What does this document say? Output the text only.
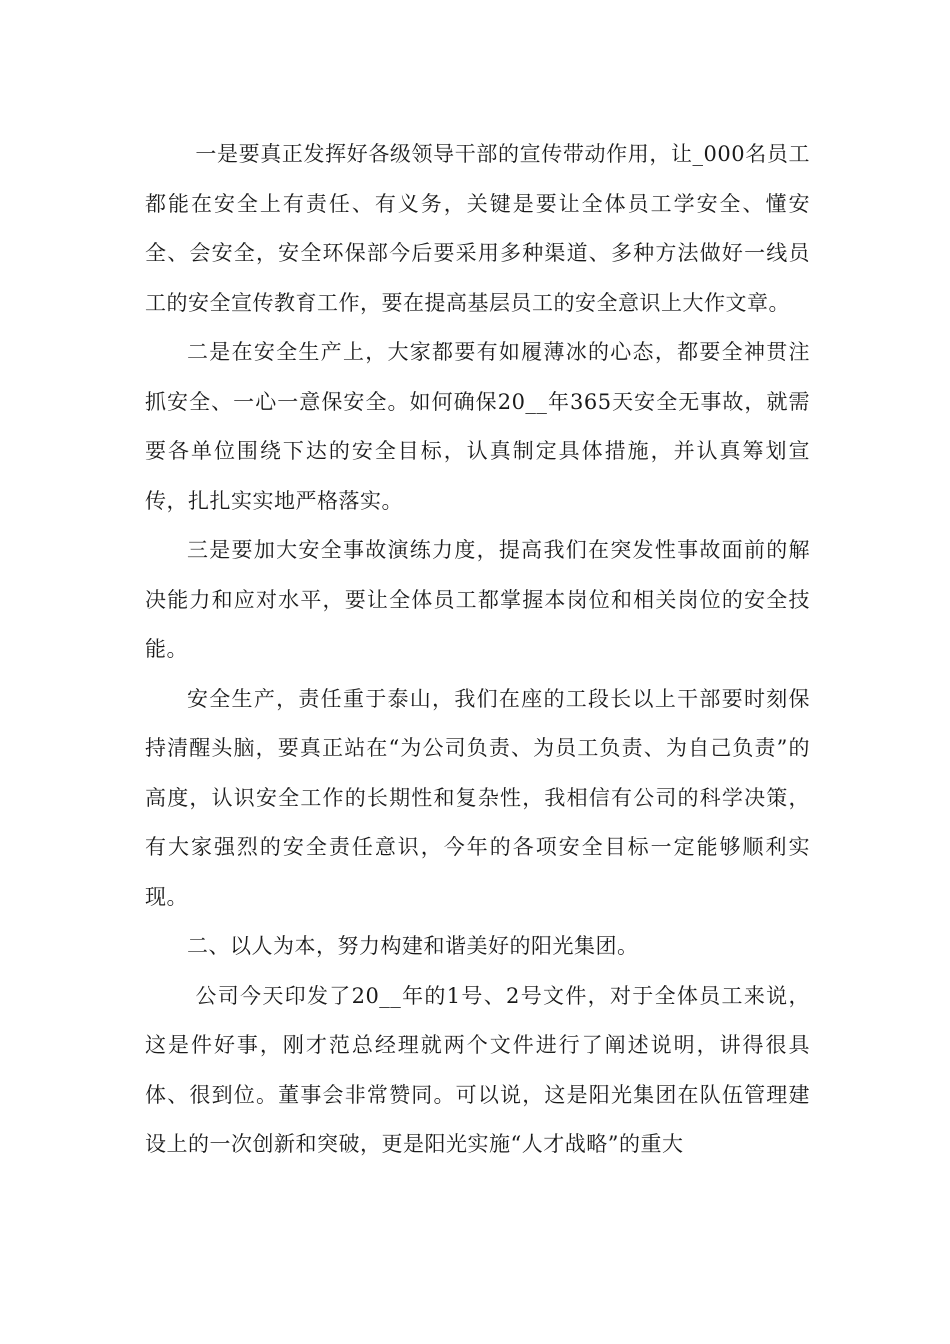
一是要真正发挥好各级领导干部的宣传带动作用，让_000名员工都能在安全上有责任、有义务，关键是要让全体员工学安全、懂安全、会安全，安全环保部今后要采用多种渠道、多种方法做好一线员工的安全宣传教育工作，要在提高基层员工的安全意识上大作文章。

二是在安全生产上，大家都要有如履薄冰的心态，都要全神贯注抓安全、一心一意保安全。如何确保20__年365天安全无事故，就需要各单位围绕下达的安全目标，认真制定具体措施，并认真筹划宣传，扎扎实实地严格落实。

三是要加大安全事故演练力度，提高我们在突发性事故面前的解决能力和应对水平，要让全体员工都掌握本岗位和相关岗位的安全技能。

安全生产，责任重于泰山，我们在座的工段长以上干部要时刻保持清醒头脑，要真正站在“为公司负责、为员工负责、为自己负责”的高度，认识安全工作的长期性和复杂性，我相信有公司的科学决策，有大家强烈的安全责任意识，今年的各项安全目标一定能够顺利实现。

二、以人为本，努力构建和谐美好的阳光集团。

公司今天印发了20__年的1号、2号文件，对于全体员工来说，这是件好事，刚才范总经理就两个文件进行了阐述说明，讲得很具体、很到位。董事会非常赞同。可以说，这是阳光集团在队伍管理建设上的一次创新和突破，更是阳光实施“人才战略”的重大
